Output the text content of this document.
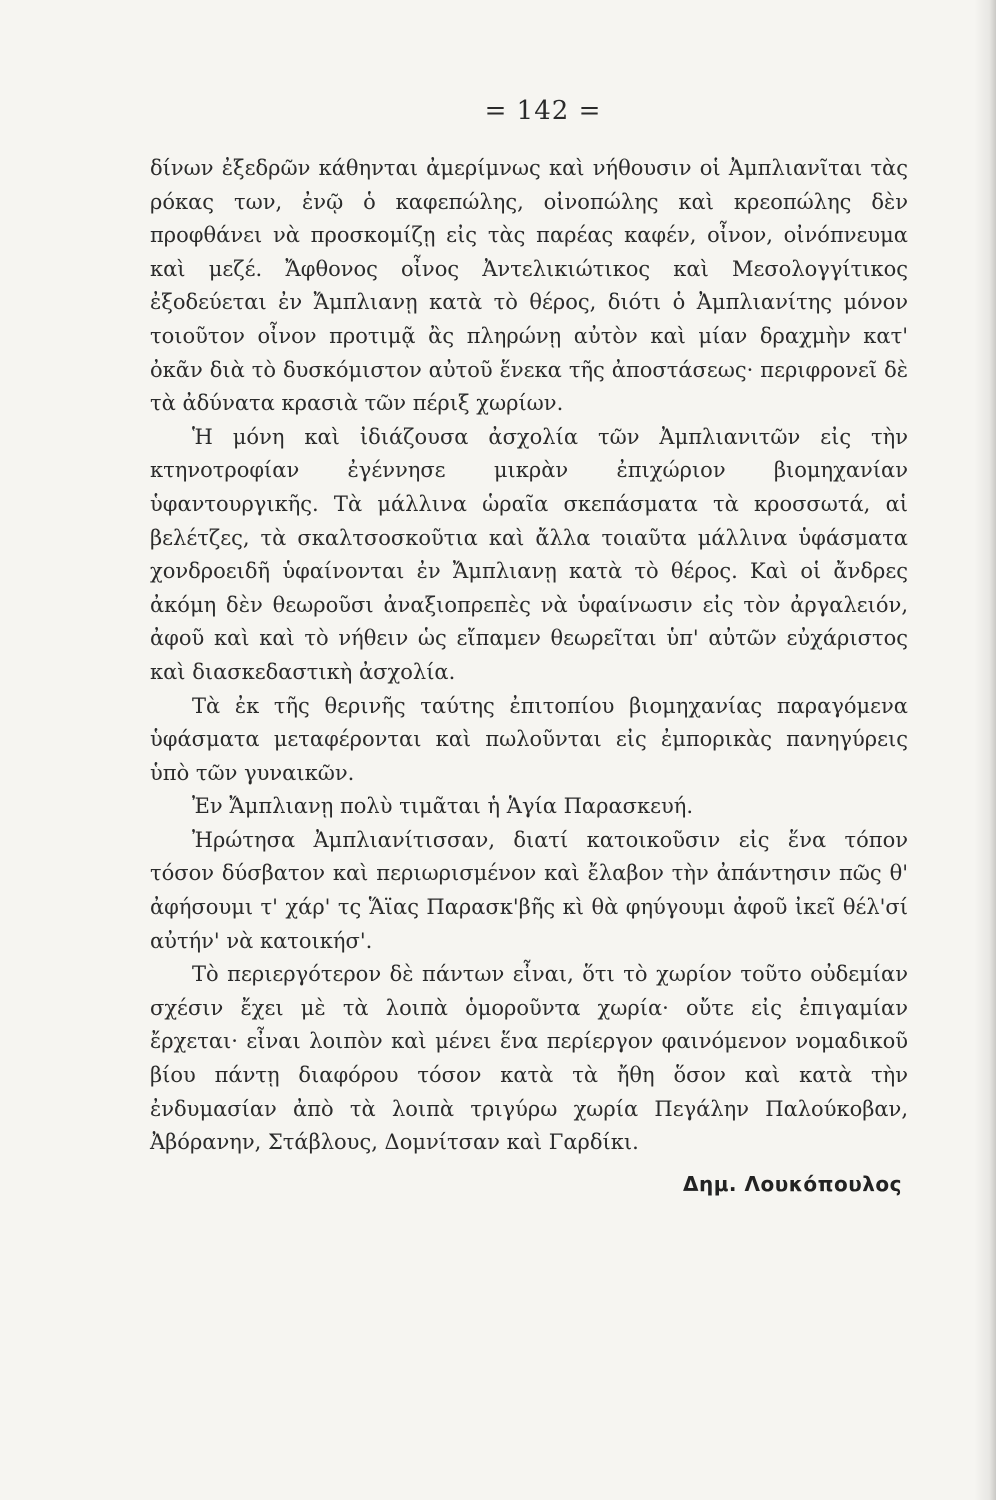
= 142 =

δίνων ἐξεδρῶν κάθηνται ἀμερίμνως καὶ νήθουσιν οἱ Ἀμπλιανῖται τὰς ρόκας των, ἐνῷ ὁ καφεπώλης, οἰνοπώλης καὶ κρεοπώλης δὲν προφθάνει νὰ προσκομίζῃ εἰς τὰς παρέας καφέν, οἶνον, οἰνόπνευμα καὶ μεζέ. Ἄφθονος οἶνος Ἀντελικιώτικος καὶ Μεσολογγίτικος ἐξοδεύεται ἐν Ἄμπλιανῃ κατὰ τὸ θέρος, διότι ὁ Ἀμπλιανίτης μόνον τοιοῦτον οἶνον προτιμᾷ ἂς πληρώνῃ αὐτὸν καὶ μίαν δραχμὴν κατ' ὀκᾶν διὰ τὸ δυσκόμιστον αὐτοῦ ἕνεκα τῆς ἀποστάσεως· περιφρονεῖ δὲ τὰ ἀδύνατα κρασιὰ τῶν πέριξ χωρίων.

Ἡ μόνη καὶ ἰδιάζουσα ἀσχολία τῶν Ἀμπλιανιτῶν εἰς τὴν κτηνοτροφίαν ἐγέννησε μικρὰν ἐπιχώριον βιομηχανίαν ὑφαντουργικῆς. Τὰ μάλλινα ὡραῖα σκεπάσματα τὰ κροσσωτά, αἱ βελέτζες, τὰ σκαλτσοσκοῦτια καὶ ἄλλα τοιαῦτα μάλλινα ὑφάσματα χονδροειδῆ ὑφαίνονται ἐν Ἄμπλιανῃ κατὰ τὸ θέρος. Καὶ οἱ ἄνδρες ἀκόμη δὲν θεωροῦσι ἀναξιοπρεπὲς νὰ ὑφαίνωσιν εἰς τὸν ἀργαλειόν, ἀφοῦ καὶ καὶ τὸ νήθειν ὡς εἴπαμεν θεωρεῖται ὑπ' αὐτῶν εὐχάριστος καὶ διασκεδαστικὴ ἀσχολία.

Τὰ ἐκ τῆς θερινῆς ταύτης ἐπιτοπίου βιομηχανίας παραγόμενα ὑφάσματα μεταφέρονται καὶ πωλοῦνται εἰς ἐμπορικὰς πανηγύρεις ὑπὸ τῶν γυναικῶν.

Ἐν Ἄμπλιανῃ πολὺ τιμᾶται ἡ Ἁγία Παρασκευή.

Ἠρώτησα Ἀμπλιανίτισσαν, διατί κατοικοῦσιν εἰς ἕνα τόπον τόσον δύσβατον καὶ περιωρισμένον καὶ ἔλαβον τὴν ἀπάντησιν πῶς θ' ἀφήσουμι τ' χάρ' τς Ἅϊας Παρασκ'βῆς κὶ θὰ φηύγουμι ἀφοῦ ἰκεῖ θέλ'σί αὐτήν' νὰ κατοικήσ'.

Τὸ περιεργότερον δὲ πάντων εἶναι, ὅτι τὸ χωρίον τοῦτο οὐδεμίαν σχέσιν ἔχει μὲ τὰ λοιπὰ ὁμοροῦντα χωρία· οὔτε εἰς ἐπιγαμίαν ἔρχεται· εἶναι λοιπὸν καὶ μένει ἕνα περίεργον φαινόμενον νομαδικοῦ βίου πάντῃ διαφόρου τόσον κατὰ τὰ ἤθη ὅσον καὶ κατὰ τὴν ἐνδυμασίαν ἀπὸ τὰ λοιπὰ τριγύρω χωρία Πεγάλην Παλούκοβαν, Ἀβόρανην, Στάβλους, Δομνίτσαν καὶ Γαρδίκι.

Δημ. Λουκόπουλος
